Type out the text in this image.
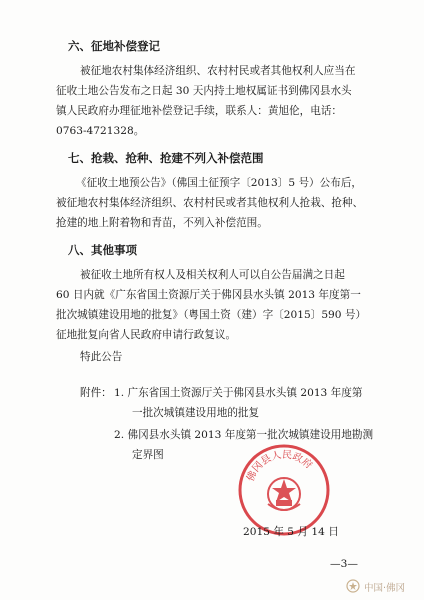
六、征地补偿登记
被征地农村集体经济组织、农村村民或者其他权利人应当在
征收土地公告发布之日起 30 天内持土地权属证书到佛冈县水头
镇人民政府办理征地补偿登记手续，联系人：黄旭伦，电话：
0763-4721328。
七、抢栽、抢种、抢建不列入补偿范围
《征收土地预公告》（佛国土征预字〔2013〕5 号）公布后，
被征地农村集体经济组织、农村村民或者其他权利人抢栽、抢种、
抢建的地上附着物和青苗，不列入补偿范围。
八、其他事项
被征收土地所有权人及相关权利人可以自公告届满之日起
60 日内就《广东省国土资源厅关于佛冈县水头镇 2013 年度第一
批次城镇建设用地的批复》（粤国土资（建）字〔2015〕590 号）
征地批复向省人民政府申请行政复议。
特此公告
附件： 1. 广东省国土资源厅关于佛冈县水头镇 2013 年度第
一批次城镇建设用地的批复
2. 佛冈县水头镇 2013 年度第一批次城镇建设用地勘测
定界图
佛冈县人民政府
2015 年 5 月 14 日
—3—
中国·佛冈
